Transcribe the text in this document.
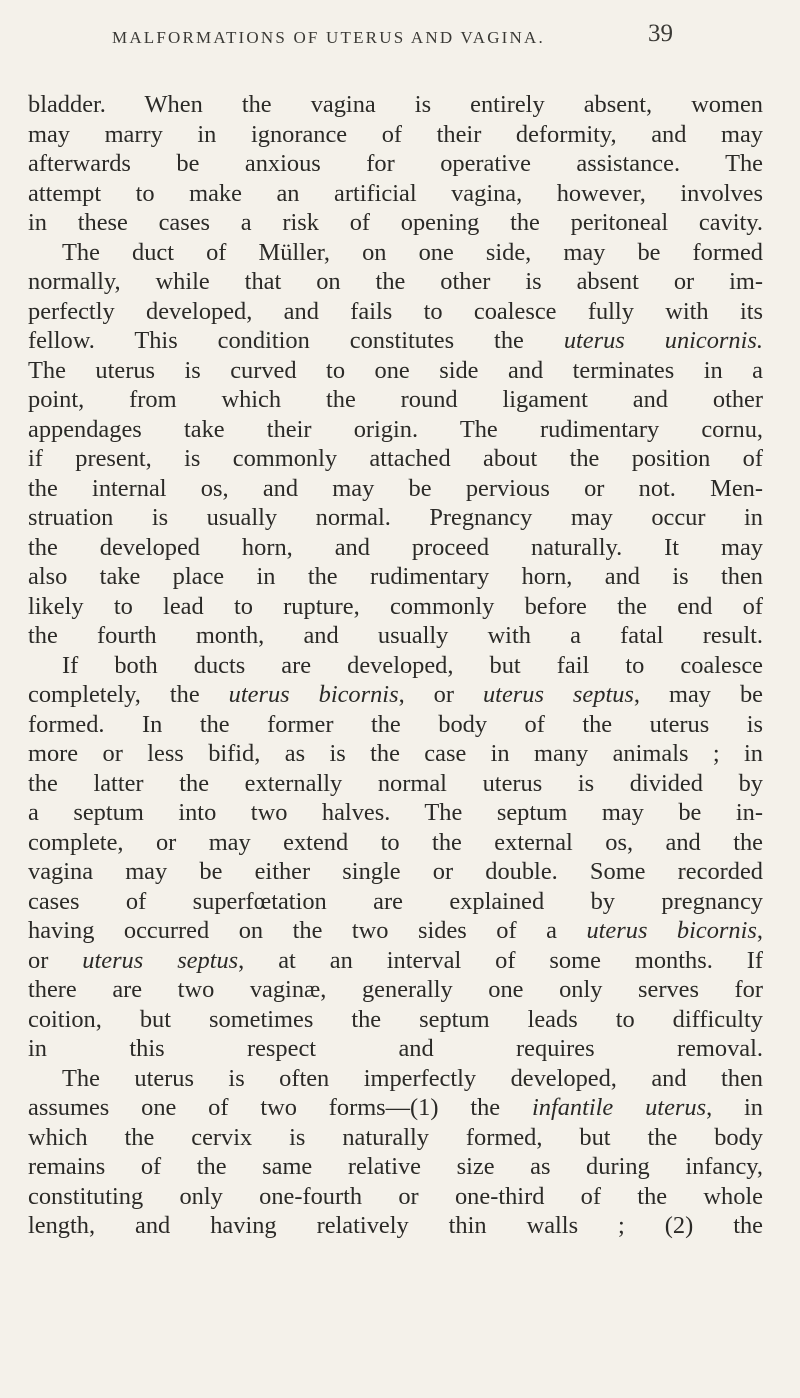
MALFORMATIONS OF UTERUS AND VAGINA.	39
bladder. When the vagina is entirely absent, women
may marry in ignorance of their deformity, and may
afterwards be anxious for operative assistance. The
attempt to make an artificial vagina, however, involves
in these cases a risk of opening the peritoneal cavity.
The duct of Müller, on one side, may be formed
normally, while that on the other is absent or im-
perfectly developed, and fails to coalesce fully with its
fellow. This condition constitutes the uterus unicornis.
The uterus is curved to one side and terminates in a
point, from which the round ligament and other
appendages take their origin. The rudimentary cornu,
if present, is commonly attached about the position of
the internal os, and may be pervious or not. Men-
struation is usually normal. Pregnancy may occur in
the developed horn, and proceed naturally. It may
also take place in the rudimentary horn, and is then
likely to lead to rupture, commonly before the end of
the fourth month, and usually with a fatal result.
If both ducts are developed, but fail to coalesce
completely, the uterus bicornis, or uterus septus, may be
formed. In the former the body of the uterus is
more or less bifid, as is the case in many animals ; in
the latter the externally normal uterus is divided by
a septum into two halves. The septum may be in-
complete, or may extend to the external os, and the
vagina may be either single or double. Some recorded
cases of superfœtation are explained by pregnancy
having occurred on the two sides of a uterus bicornis,
or uterus septus, at an interval of some months. If
there are two vaginæ, generally one only serves for
coition, but sometimes the septum leads to difficulty
in this respect and requires removal.
The uterus is often imperfectly developed, and then
assumes one of two forms—(1) the infantile uterus, in
which the cervix is naturally formed, but the body
remains of the same relative size as during infancy,
constituting only one-fourth or one-third of the whole
length, and having relatively thin walls ; (2) the
